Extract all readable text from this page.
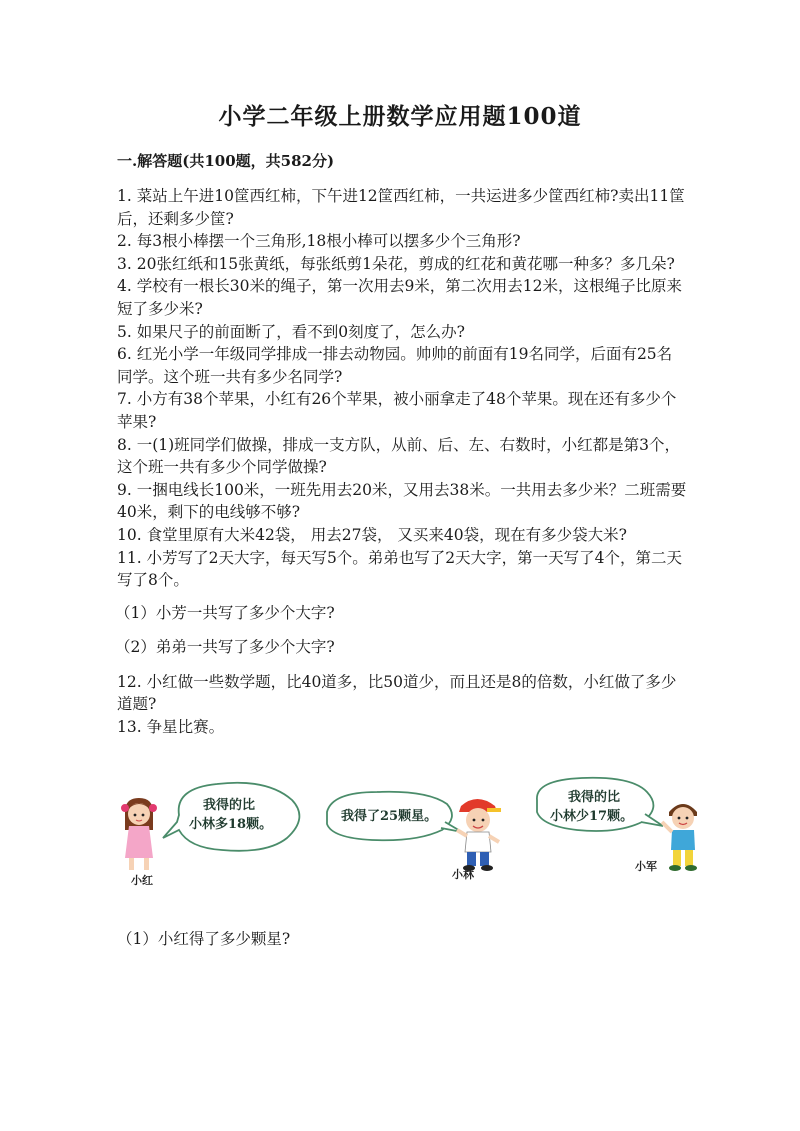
小学二年级上册数学应用题100道
一.解答题(共100题，共582分)

1. 菜站上午进10筐西红柿，下午进12筐西红柿，一共运进多少筐西红柿?卖出11筐后，还剩多少筐?

2. 每3根小棒摆一个三角形,18根小棒可以摆多少个三角形?

3. 20张红纸和15张黄纸，每张纸剪1朵花，剪成的红花和黄花哪一种多？多几朵?

4. 学校有一根长30米的绳子，第一次用去9米，第二次用去12米，这根绳子比原来短了多少米?

5. 如果尺子的前面断了，看不到0刻度了，怎么办?

6. 红光小学一年级同学排成一排去动物园。帅帅的前面有19名同学，后面有25名同学。这个班一共有多少名同学?

7. 小方有38个苹果，小红有26个苹果，被小丽拿走了48个苹果。现在还有多少个苹果?

8. 一(1)班同学们做操，排成一支方队，从前、后、左、右数时，小红都是第3个，这个班一共有多少个同学做操?

9. 一捆电线长100米，一班先用去20米，又用去38米。一共用去多少米？二班需要40米，剩下的电线够不够?

10. 食堂里原有大米42袋， 用去27袋， 又买来40袋，现在有多少袋大米?

11. 小芳写了2天大字，每天写5个。弟弟也写了2天大字，第一天写了4个，第二天写了8个。

（1）小芳一共写了多少个大字?

（2）弟弟一共写了多少个大字?

12. 小红做一些数学题，比40道多，比50道少，而且还是8的倍数，小红做了多少道题?

13. 争星比赛。

我得的比
小林多18颗。
我得了25颗星。
我得的比
小林少17颗。
小红	小林
小军
（1）小红得了多少颗星?
